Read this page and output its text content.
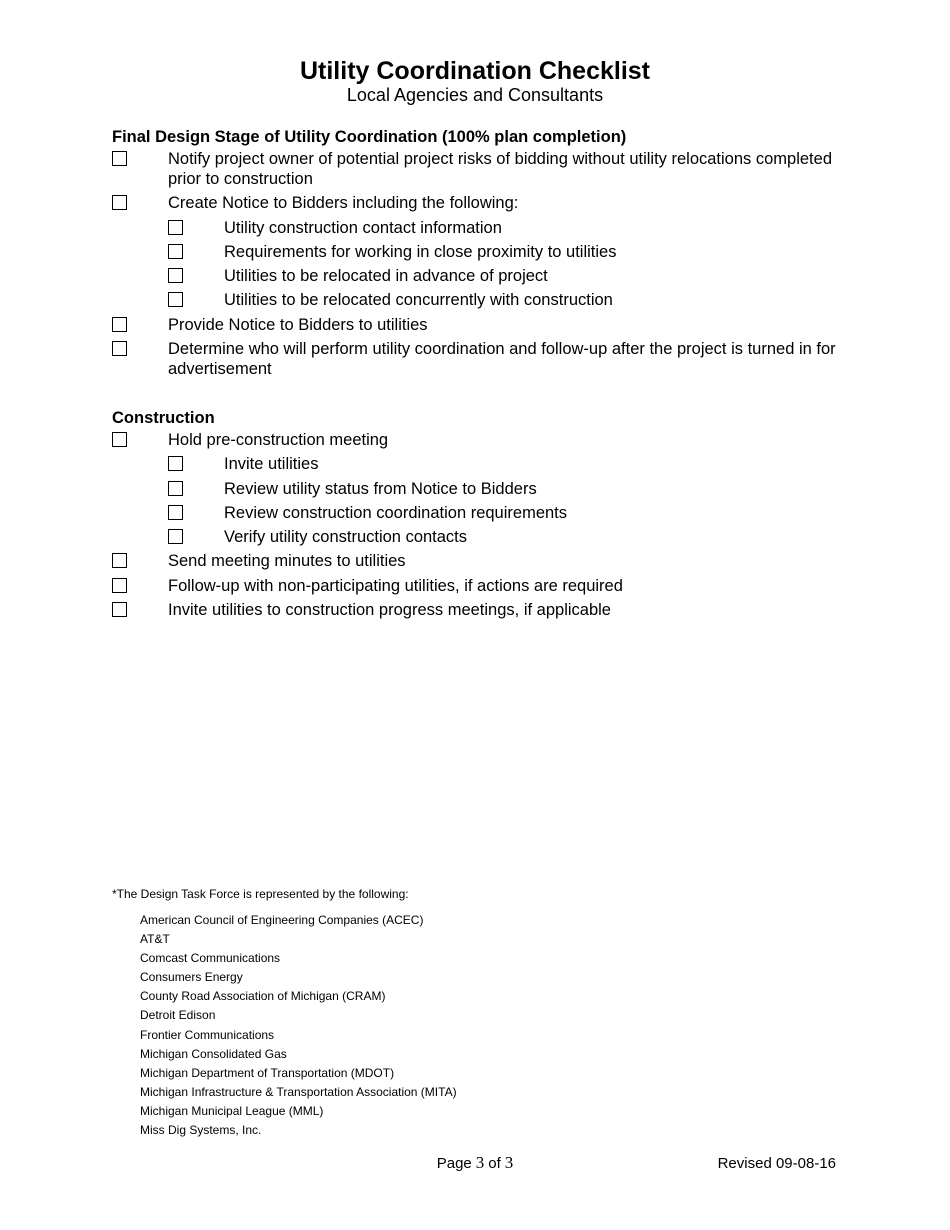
Utility Coordination Checklist
Local Agencies and Consultants
Final Design Stage of Utility Coordination (100% plan completion)
Notify project owner of potential project risks of bidding without utility relocations completed prior to construction
Create Notice to Bidders including the following:
Utility construction contact information
Requirements for working in close proximity to utilities
Utilities to be relocated in advance of project
Utilities to be relocated concurrently with construction
Provide Notice to Bidders to utilities
Determine who will perform utility coordination and follow-up after the project is turned in for advertisement
Construction
Hold pre-construction meeting
Invite utilities
Review utility status from Notice to Bidders
Review construction coordination requirements
Verify utility construction contacts
Send meeting minutes to utilities
Follow-up with non-participating utilities, if actions are required
Invite utilities to construction progress meetings, if applicable
*The Design Task Force is represented by the following:
American Council of Engineering Companies (ACEC)
AT&T
Comcast Communications
Consumers Energy
County Road Association of Michigan (CRAM)
Detroit Edison
Frontier Communications
Michigan Consolidated Gas
Michigan Department of Transportation (MDOT)
Michigan Infrastructure & Transportation Association (MITA)
Michigan Municipal League (MML)
Miss Dig Systems, Inc.
Page 3 of 3	Revised 09-08-16
